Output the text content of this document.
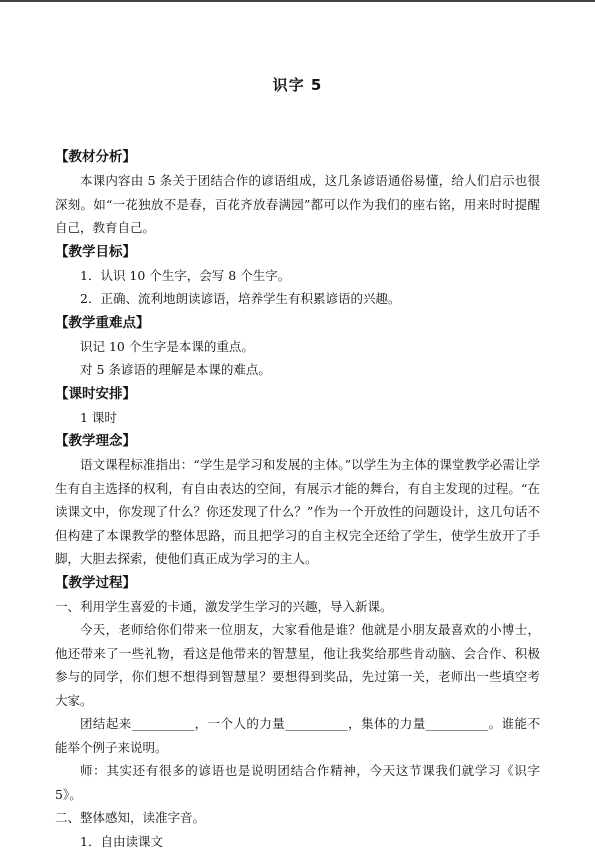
识字 5

【教材分析】

本课内容由 5 条关于团结合作的谚语组成，这几条谚语通俗易懂，给人们启示也很深刻。如“一花独放不是春，百花齐放春满园”都可以作为我们的座右铭，用来时时提醒自己，教育自己。

【教学目标】

1．认识 10 个生字，会写 8 个生字。

2．正确、流利地朗读谚语，培养学生有积累谚语的兴趣。

【教学重难点】

识记 10 个生字是本课的重点。

对 5 条谚语的理解是本课的难点。

【课时安排】

1 课时

【教学理念】

语文课程标准指出：“学生是学习和发展的主体。”以学生为主体的课堂教学必需让学生有自主选择的权利，有自由表达的空间，有展示才能的舞台，有自主发现的过程。“在读课文中，你发现了什么？你还发现了什么？”作为一个开放性的问题设计，这几句话不但构建了本课教学的整体思路，而且把学习的自主权完全还给了学生，使学生放开了手脚，大胆去探索，使他们真正成为学习的主人。

【教学过程】

一、利用学生喜爱的卡通，激发学生学习的兴趣，导入新课。

今天，老师给你们带来一位朋友，大家看他是谁？他就是小朋友最喜欢的小博士，他还带来了一些礼物，看这是他带来的智慧星，他让我奖给那些肯动脑、会合作、积极参与的同学，你们想不想得到智慧星？要想得到奖品，先过第一关，老师出一些填空考大家。

团结起来__________，一个人的力量__________，集体的力量__________。谁能不能举个例子来说明。

师：其实还有很多的谚语也是说明团结合作精神，今天这节课我们就学习《识字 5》。

二、整体感知，读准字音。

1．自由读课文
